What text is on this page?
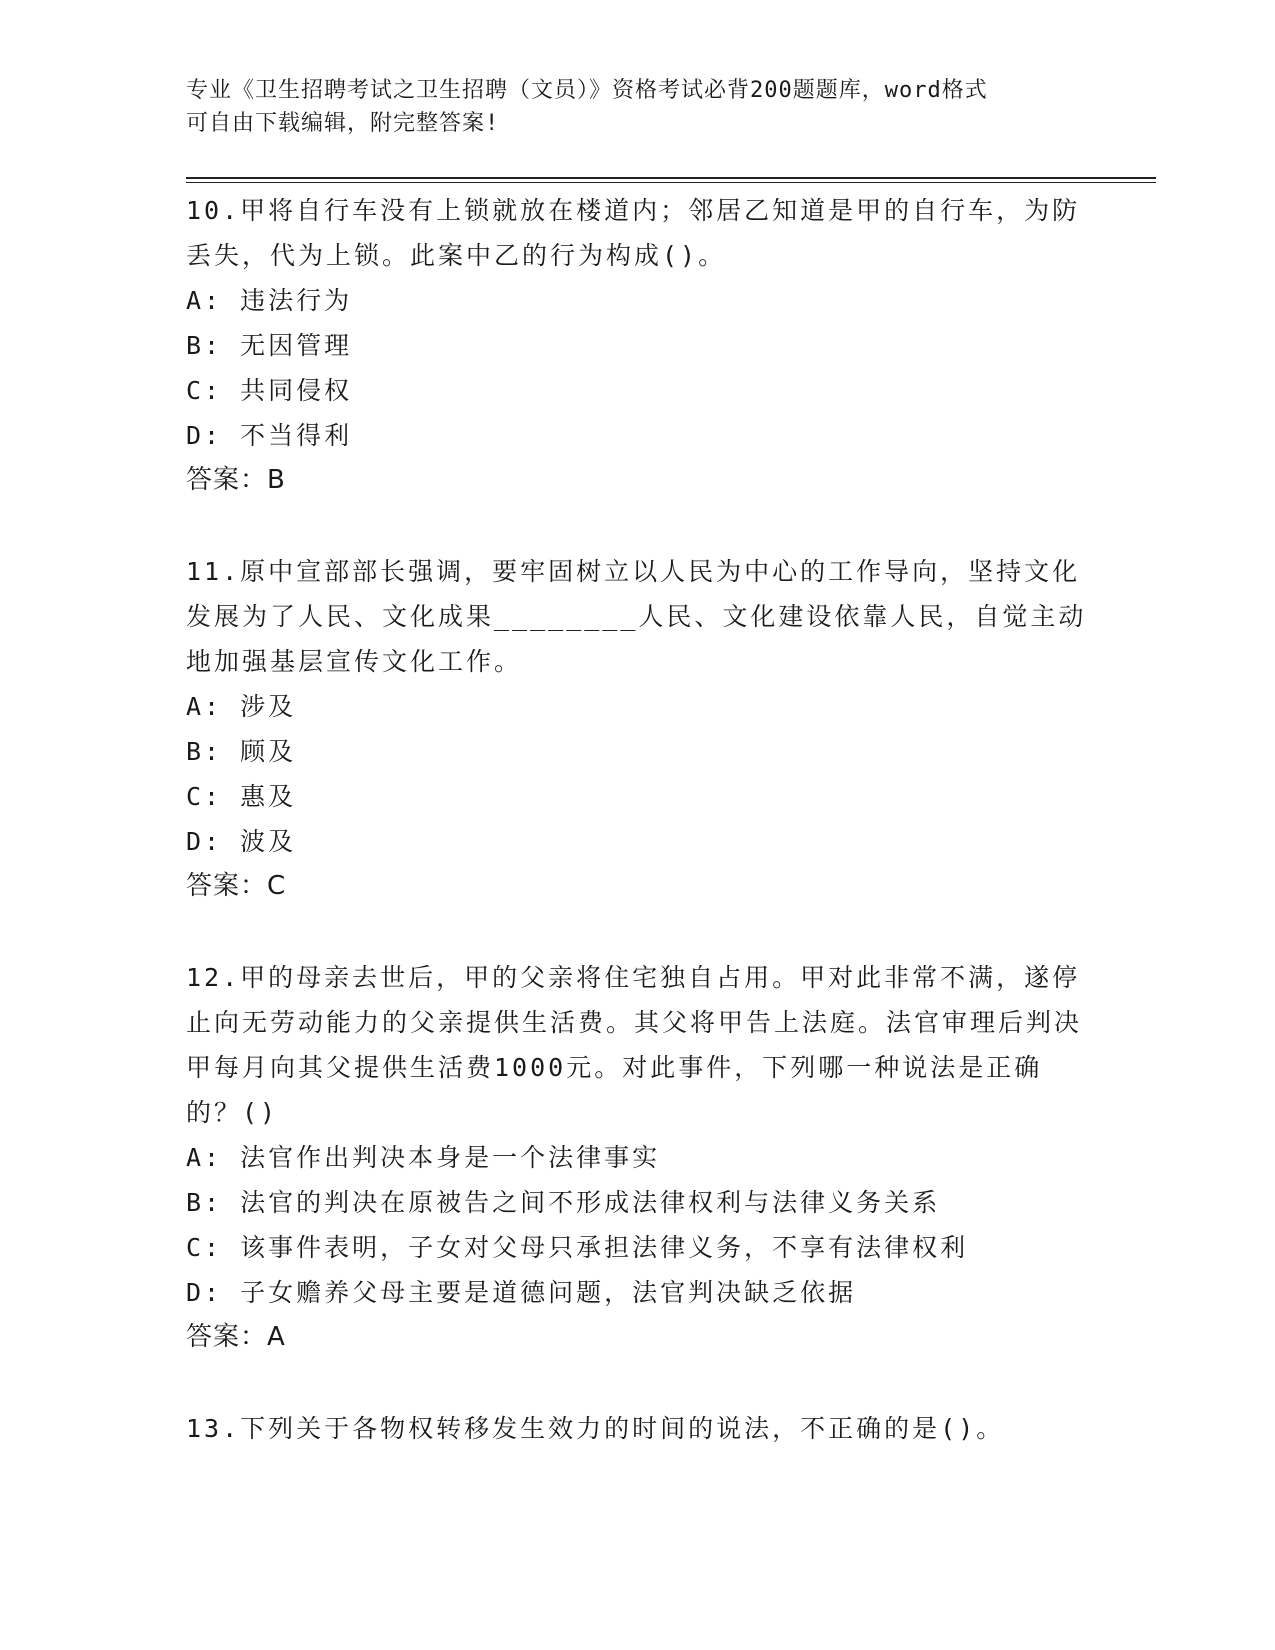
专业《卫生招聘考试之卫生招聘（文员）》资格考试必背200题题库，word格式
可自由下载编辑，附完整答案!

10.甲将自行车没有上锁就放在楼道内；邻居乙知道是甲的自行车，为防丢失，代为上锁。此案中乙的行为构成()。

A: 违法行为
B: 无因管理
C: 共同侵权
D: 不当得利
答案：B

11.原中宣部部长强调，要牢固树立以人民为中心的工作导向，坚持文化发展为了人民、文化成果________人民、文化建设依靠人民，自觉主动地加强基层宣传文化工作。

A: 涉及
B: 顾及
C: 惠及
D: 波及
答案：C

12.甲的母亲去世后，甲的父亲将住宅独自占用。甲对此非常不满，遂停止向无劳动能力的父亲提供生活费。其父将甲告上法庭。法官审理后判决甲每月向其父提供生活费1000元。对此事件，下列哪一种说法是正确的？()

A: 法官作出判决本身是一个法律事实
B: 法官的判决在原被告之间不形成法律权利与法律义务关系
C: 该事件表明，子女对父母只承担法律义务，不享有法律权利
D: 子女赡养父母主要是道德问题，法官判决缺乏依据
答案：A

13.下列关于各物权转移发生效力的时间的说法，不正确的是()。
